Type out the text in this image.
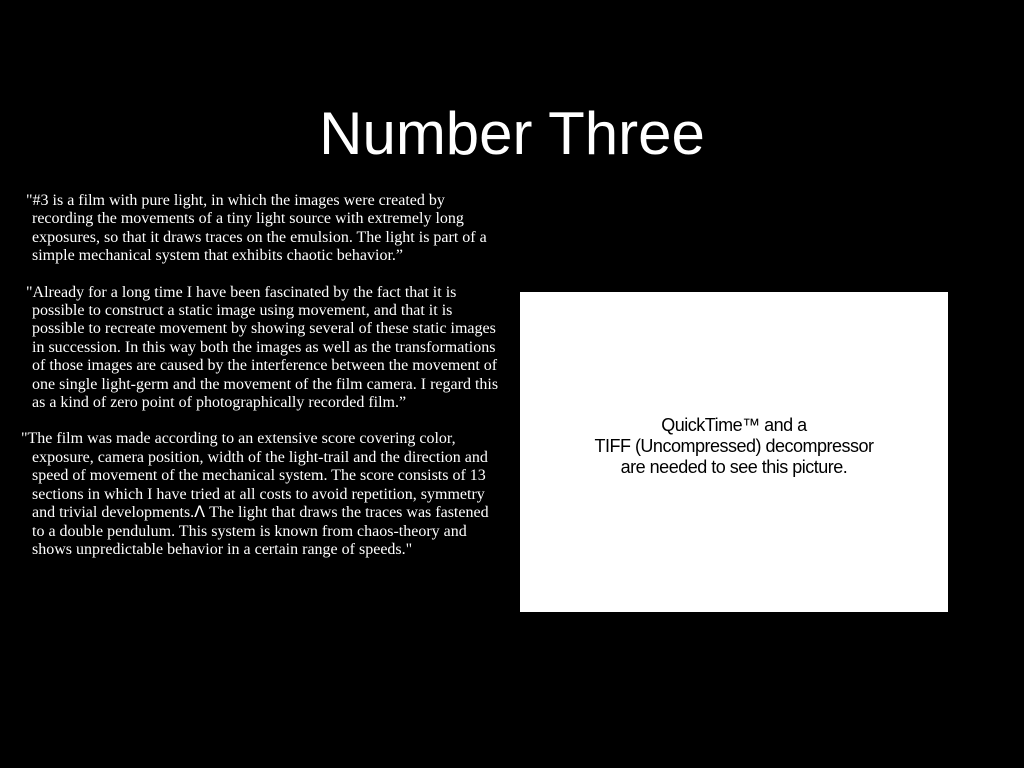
Number Three

"#3 is a film with pure light, in which the images were created by recording the movements of a tiny light source with extremely long exposures, so that it draws traces on the emulsion. The light is part of a simple mechanical system that exhibits chaotic behavior.”

"Already for a long time I have been fascinated by the fact that it is possible to construct a static image using movement, and that it is possible to recreate movement by showing several of these static images in succession. In this way both the images as well as the transformations of those images are caused by the interference between the movement of one single light-germ and the movement of the film camera. I regard this as a kind of zero point of photographically recorded film.”

"The film was made according to an extensive score covering color, exposure, camera position, width of the light-trail and the direction and speed of movement of the mechanical system. The score consists of 13 sections in which I have tried at all costs to avoid repetition, symmetry and trivial developments.ꓥ The light that draws the traces was fastened to a double pendulum. This system is known from chaos-theory and shows unpredictable behavior in a certain range of speeds."

QuickTime™ and a
TIFF (Uncompressed) decompressor
are needed to see this picture.
